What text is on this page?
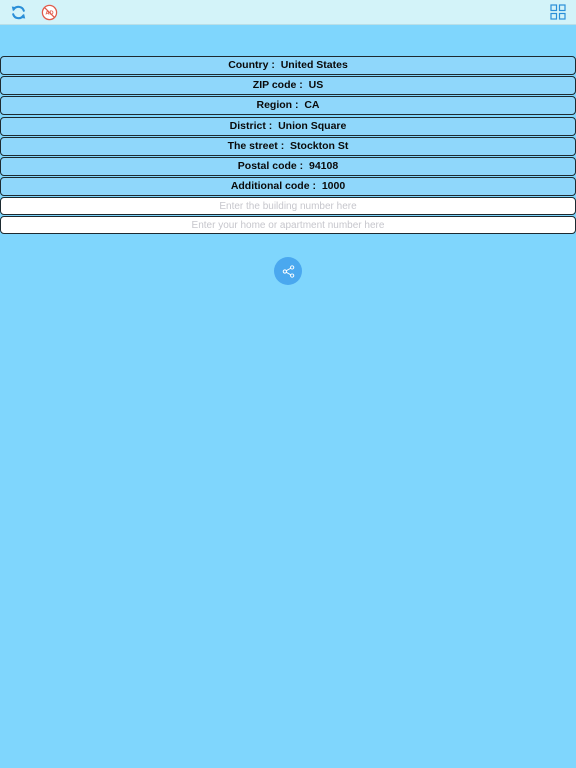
AD
Country : United States
ZIP code : US
Region : CA
District : Union Square
The street : Stockton St
Postal code : 94108
Additional code : 1000
Enter the building number here
Enter your home or apartment number here
